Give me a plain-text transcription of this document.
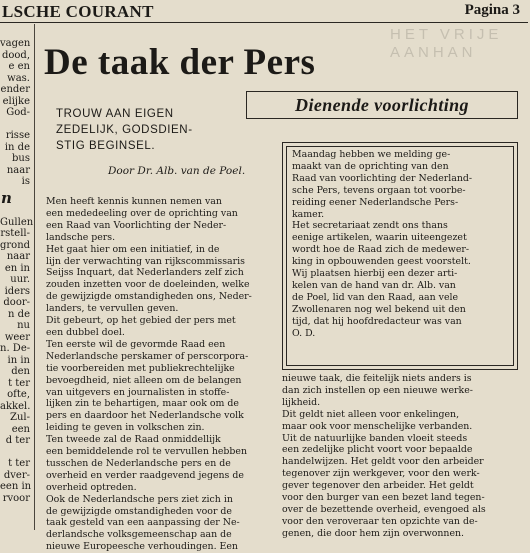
LSCHE COURANT	Pagina 3
vagen
dood,
e en
was.
ender
elijke
God-

risse
in de
bus
naar
is
n
Gullen
rstell-
grond
naar
en in
uur.
iders
door-
n de
nu
weer
n. De-
in in
den
t ter
ofte,
akkel.
Zul-
een
d ter

t ter
dver-
een in
rvoor
HET VRIJE
AANHAN
De taak der Pers
TROUW AAN EIGEN
ZEDELIJK, GODSDIEN-
STIG BEGINSEL.
Dienende voorlichting
Door Dr. Alb. van de Poel.
Men heeft kennis kunnen nemen van
een mededeeling over de oprichting van
een Raad van Voorlichting der Neder-
landsche pers.
Het gaat hier om een initiatief, in de
lijn der verwachting van rijkscommissaris
Seijss Inquart, dat Nederlanders zelf zich
zouden inzetten voor de doeleinden, welke
de gewijzigde omstandigheden ons, Neder-
landers, te vervullen geven.
Dit gebeurt, op het gebied der pers met
een dubbel doel.
Ten eerste wil de gevormde Raad een
Nederlandsche perskamer of perscorpora-
tie voorbereiden met publiekrechtelijke
bevoegdheid, niet alleen om de belangen
van uitgevers en journalisten in stoffe-
lijken zin te behartigen, maar ook om de
pers en daardoor het Nederlandsche volk
leiding te geven in volkschen zin.
Ten tweede zal de Raad onmiddellijk
een bemiddelende rol te vervullen hebben
tusschen de Nederlandsche pers en de
overheid en verder raadgevend jegens de
overheid optreden.
Ook de Nederlandsche pers ziet zich in
de gewijzigde omstandigheden voor de
taak gesteld van een aanpassing der Ne-
derlandsche volksgemeenschap aan de
nieuwe Europeesche verhoudingen. Een
Maandag hebben we melding ge-
maakt van de oprichting van den
Raad van voorlichting der Nederland-
sche Pers, tevens orgaan tot voorbe-
reiding eener Nederlandsche Pers-
kamer.
Het secretariaat zendt ons thans
eenige artikelen, waarin uiteengezet
wordt hoe de Raad zich de medewer-
king in opbouwenden geest voorstelt.
Wij plaatsen hierbij een dezer arti-
kelen van de hand van dr. Alb. van
de Poel, lid van den Raad, aan vele
Zwollenaren nog wel bekend uit den
tijd, dat hij hoofdredacteur was van
O. D.
nieuwe taak, die feitelijk niets anders is
dan zich instellen op een nieuwe werke-
lijkheid.
Dit geldt niet alleen voor enkelingen,
maar ook voor menschelijke verbanden.
Uit de natuurlijke banden vloeit steeds
een zedelijke plicht voort voor bepaalde
handelwijzen. Het geldt voor den arbeider
tegenover zijn werkgever, voor den werk-
gever tegenover den arbeider. Het geldt
voor den burger van een bezet land tegen-
over de bezettende overheid, evengoed als
voor den veroveraar ten opzichte van de-
genen, die door hem zijn overwonnen.
